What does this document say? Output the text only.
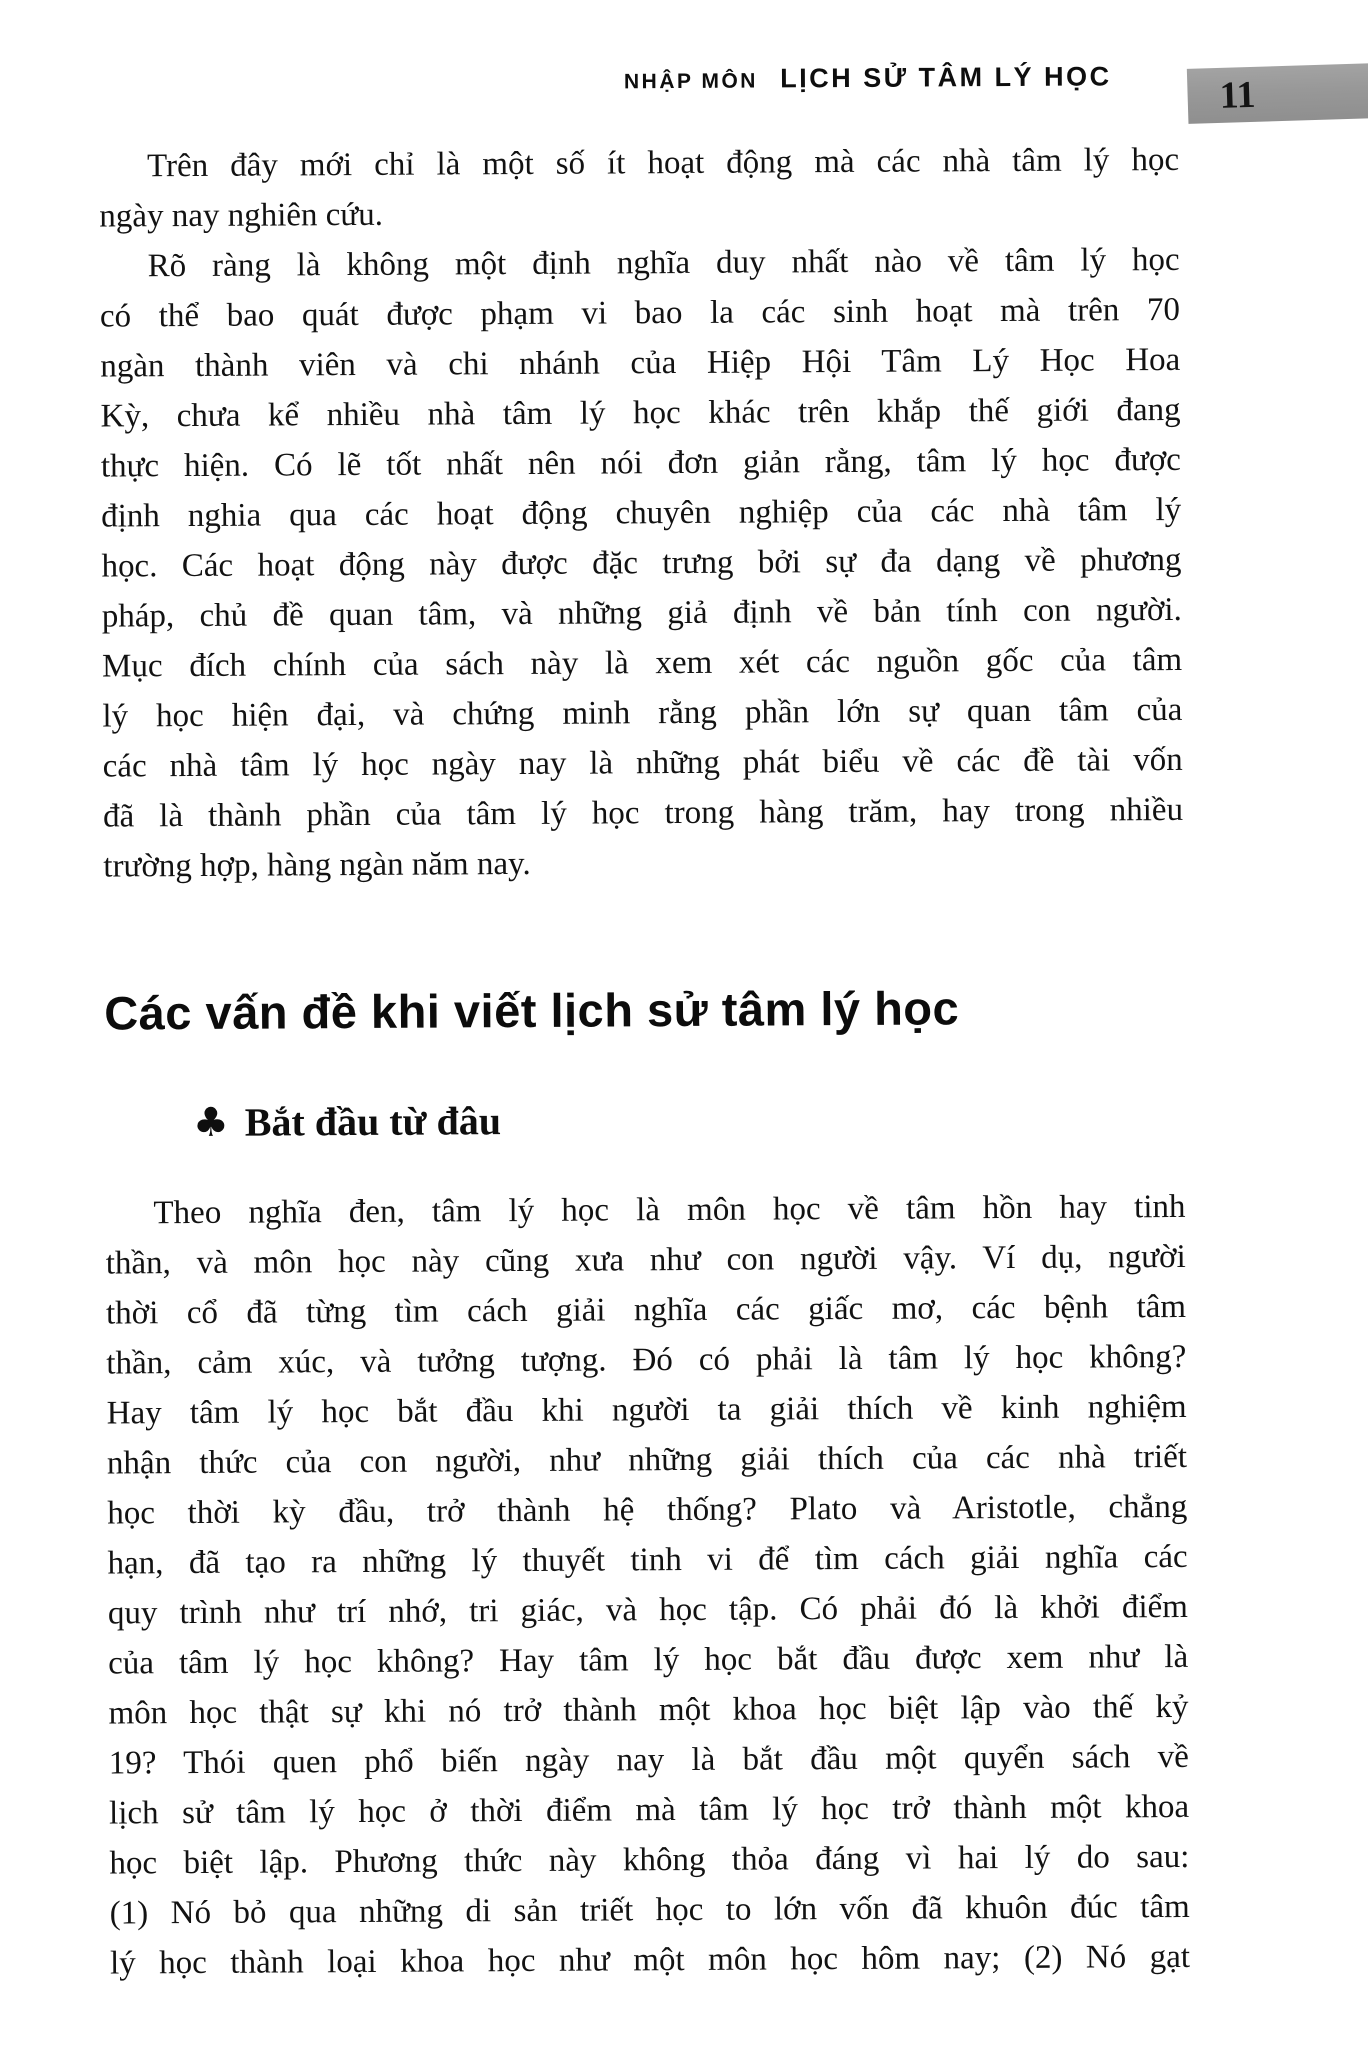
NHẬP MÔN LỊCH SỬ TÂM LÝ HỌC	11
Trên đây mới chỉ là một số ít hoạt động mà các nhà tâm lý học
ngày nay nghiên cứu.
Rõ ràng là không một định nghĩa duy nhất nào về tâm lý học
có thể bao quát được phạm vi bao la các sinh hoạt mà trên 70
ngàn thành viên và chi nhánh của Hiệp Hội Tâm Lý Học Hoa
Kỳ, chưa kể nhiều nhà tâm lý học khác trên khắp thế giới đang
thực hiện. Có lẽ tốt nhất nên nói đơn giản rằng, tâm lý học được
định nghia qua các hoạt động chuyên nghiệp của các nhà tâm lý
học. Các hoạt động này được đặc trưng bởi sự đa dạng về phương
pháp, chủ đề quan tâm, và những giả định về bản tính con người.
Mục đích chính của sách này là xem xét các nguồn gốc của tâm
lý học hiện đại, và chứng minh rằng phần lớn sự quan tâm của
các nhà tâm lý học ngày nay là những phát biểu về các đề tài vốn
đã là thành phần của tâm lý học trong hàng trăm, hay trong nhiều
trường hợp, hàng ngàn năm nay.
Các vấn đề khi viết lịch sử tâm lý học
♣ Bắt đầu từ đâu
Theo nghĩa đen, tâm lý học là môn học về tâm hồn hay tinh
thần, và môn học này cũng xưa như con người vậy. Ví dụ, người
thời cổ đã từng tìm cách giải nghĩa các giấc mơ, các bệnh tâm
thần, cảm xúc, và tưởng tượng. Đó có phải là tâm lý học không?
Hay tâm lý học bắt đầu khi người ta giải thích về kinh nghiệm
nhận thức của con người, như những giải thích của các nhà triết
học thời kỳ đầu, trở thành hệ thống? Plato và Aristotle, chẳng
hạn, đã tạo ra những lý thuyết tinh vi để tìm cách giải nghĩa các
quy trình như trí nhớ, tri giác, và học tập. Có phải đó là khởi điểm
của tâm lý học không? Hay tâm lý học bắt đầu được xem như là
môn học thật sự khi nó trở thành một khoa học biệt lập vào thế kỷ
19? Thói quen phổ biến ngày nay là bắt đầu một quyển sách về
lịch sử tâm lý học ở thời điểm mà tâm lý học trở thành một khoa
học biệt lập. Phương thức này không thỏa đáng vì hai lý do sau:
(1) Nó bỏ qua những di sản triết học to lớn vốn đã khuôn đúc tâm
lý học thành loại khoa học như một môn học hôm nay; (2) Nó gạt
